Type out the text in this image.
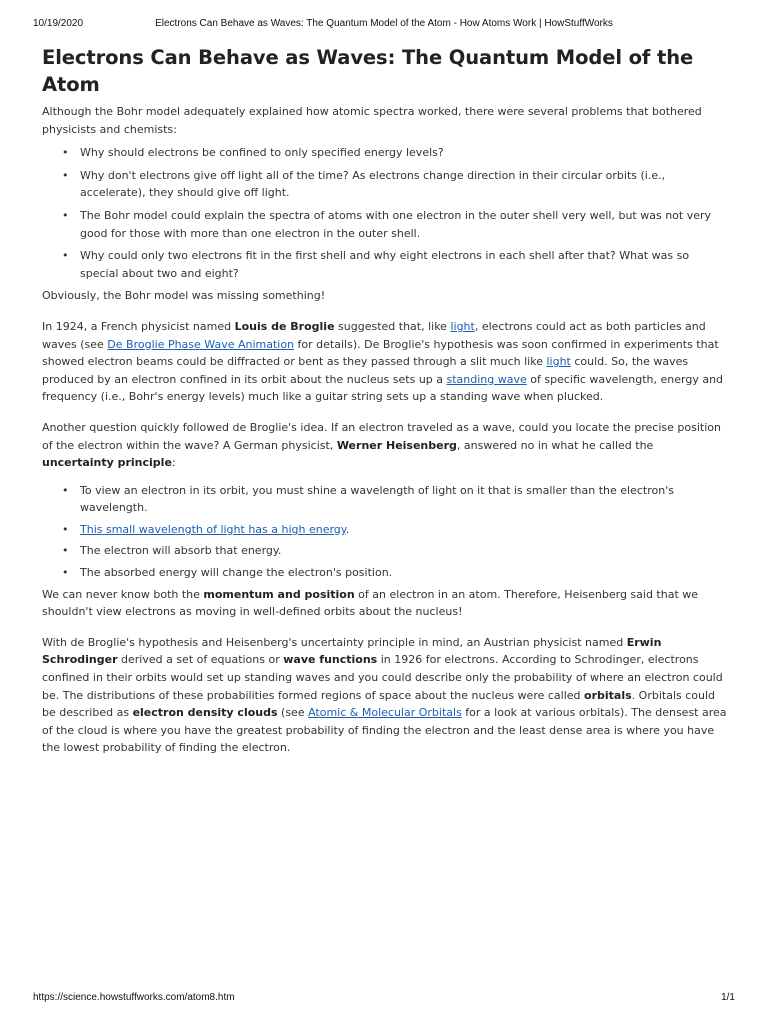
10/19/2020	Electrons Can Behave as Waves: The Quantum Model of the Atom - How Atoms Work | HowStuffWorks
Electrons Can Behave as Waves: The Quantum Model of the Atom

Although the Bohr model adequately explained how atomic spectra worked, there were several problems that bothered physicists and chemists:

• Why should electrons be confined to only specified energy levels?
• Why don't electrons give off light all of the time? As electrons change direction in their circular orbits (i.e., accelerate), they should give off light.
• The Bohr model could explain the spectra of atoms with one electron in the outer shell very well, but was not very good for those with more than one electron in the outer shell.
• Why could only two electrons fit in the first shell and why eight electrons in each shell after that? What was so special about two and eight?

Obviously, the Bohr model was missing something!

In 1924, a French physicist named Louis de Broglie suggested that, like light, electrons could act as both particles and waves (see De Broglie Phase Wave Animation for details). De Broglie's hypothesis was soon confirmed in experiments that showed electron beams could be diffracted or bent as they passed through a slit much like light could. So, the waves produced by an electron confined in its orbit about the nucleus sets up a standing wave of specific wavelength, energy and frequency (i.e., Bohr's energy levels) much like a guitar string sets up a standing wave when plucked.

Another question quickly followed de Broglie's idea. If an electron traveled as a wave, could you locate the precise position of the electron within the wave? A German physicist, Werner Heisenberg, answered no in what he called the uncertainty principle:

• To view an electron in its orbit, you must shine a wavelength of light on it that is smaller than the electron's wavelength.
• This small wavelength of light has a high energy.
• The electron will absorb that energy.
• The absorbed energy will change the electron's position.

We can never know both the momentum and position of an electron in an atom. Therefore, Heisenberg said that we shouldn't view electrons as moving in well-defined orbits about the nucleus!

With de Broglie's hypothesis and Heisenberg's uncertainty principle in mind, an Austrian physicist named Erwin Schrodinger derived a set of equations or wave functions in 1926 for electrons. According to Schrodinger, electrons confined in their orbits would set up standing waves and you could describe only the probability of where an electron could be. The distributions of these probabilities formed regions of space about the nucleus were called orbitals. Orbitals could be described as electron density clouds (see Atomic & Molecular Orbitals for a look at various orbitals). The densest area of the cloud is where you have the greatest probability of finding the electron and the least dense area is where you have the lowest probability of finding the electron.

https://science.howstuffworks.com/atom8.htm	1/1
